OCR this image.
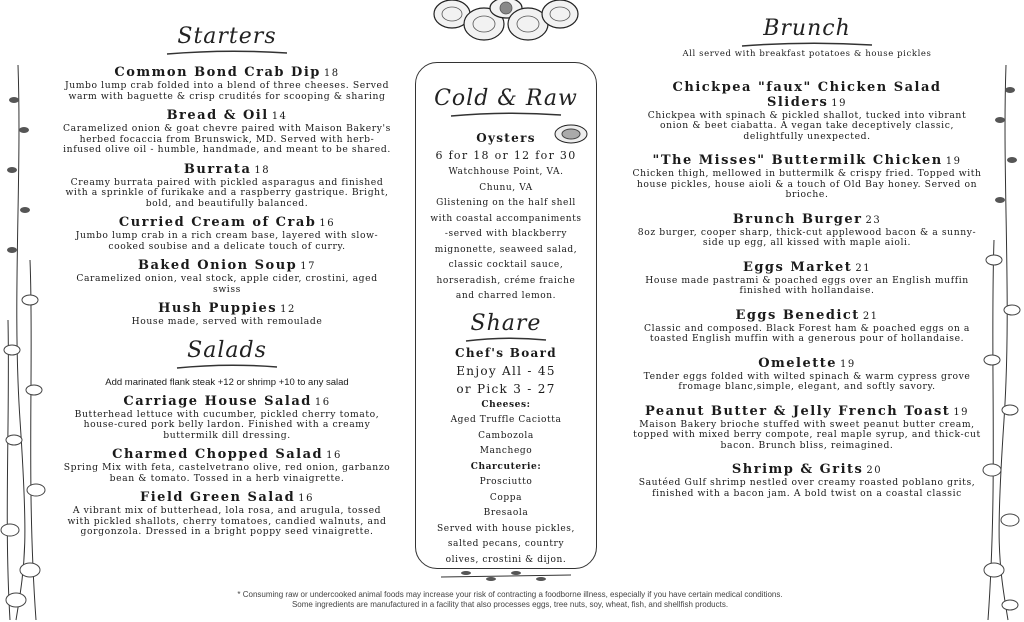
Starters

Common Bond Crab Dip 18

Jumbo lump crab folded into a blend of three cheeses. Served warm with baguette & crisp crudités for scooping & sharing

Bread & Oil 14

Caramelized onion & goat chevre paired with Maison Bakery's herbed focaccia from Brunswick, MD. Served with herb-infused olive oil - humble, handmade, and meant to be shared.

Burrata 18

Creamy burrata paired with pickled asparagus and finished with a sprinkle of furikake and a raspberry gastrique. Bright, bold, and beautifully balanced.

Curried Cream of Crab 16

Jumbo lump crab in a rich cream base, layered with slow-cooked soubise and a delicate touch of curry.

Baked Onion Soup 17

Caramelized onion, veal stock, apple cider, crostini, aged swiss

Hush Puppies 12

House made, served with remoulade

Salads

Add marinated flank steak +12 or shrimp +10 to any salad

Carriage House Salad 16

Butterhead lettuce with cucumber, pickled cherry tomato, house-cured pork belly lardon. Finished with a creamy buttermilk dill dressing.

Charmed Chopped Salad 16

Spring Mix with feta, castelvetrano olive, red onion, garbanzo bean & tomato. Tossed in a herb vinaigrette.

Field Green Salad 16

A vibrant mix of butterhead, lola rosa, and arugula, tossed with pickled shallots, cherry tomatoes, candied walnuts, and gorgonzola. Dressed in a bright poppy seed vinaigrette.

Cold & Raw

Oysters

6 for 18 or 12 for 30

Watchhouse Point, VA.

Chunu, VA

Glistening on the half shell

with coastal accompaniments

-served with blackberry

mignonette, seaweed salad,

classic cocktail sauce,

horseradish, créme fraiche

and charred lemon.

Share

Chef's Board

Enjoy All - 45

or Pick 3 - 27

Cheeses:

Aged Truffle Caciotta

Cambozola

Manchego

Charcuterie:

Prosciutto

Coppa

Bresaola

Served with house pickles,

salted pecans, country

olives, crostini & dijon.

Brunch

All served with breakfast potatoes & house pickles

Chickpea "faux" Chicken Salad Sliders 19

Chickpea with spinach & pickled shallot, tucked into vibrant onion & beet ciabatta. A vegan take deceptively classic, delightfully unexpected.

"The Misses" Buttermilk Chicken 19

Chicken thigh, mellowed in buttermilk & crispy fried. Topped with house pickles, house aioli & a touch of Old Bay honey. Served on brioche.

Brunch Burger 23

8oz burger, cooper sharp, thick-cut applewood bacon & a sunny-side up egg, all kissed with maple aioli.

Eggs Market 21

House made pastrami & poached eggs over an English muffin finished with hollandaise.

Eggs Benedict 21

Classic and composed. Black Forest ham & poached eggs on a toasted English muffin with a generous pour of hollandaise.

Omelette 19

Tender eggs folded with wilted spinach & warm cypress grove fromage blanc,simple, elegant, and softly savory.

Peanut Butter & Jelly French Toast 19

Maison Bakery brioche stuffed with sweet peanut butter cream, topped with mixed berry compote, real maple syrup, and thick-cut bacon. Brunch bliss, reimagined.

Shrimp & Grits 20

Sautéed Gulf shrimp nestled over creamy roasted poblano grits, finished with a bacon jam. A bold twist on a coastal classic

* Consuming raw or undercooked animal foods may increase your risk of contracting a foodborne illness, especially if you have certain medical conditions.
Some ingredients are manufactured in a facility that also processes eggs, tree nuts, soy, wheat, fish, and shellfish products.
